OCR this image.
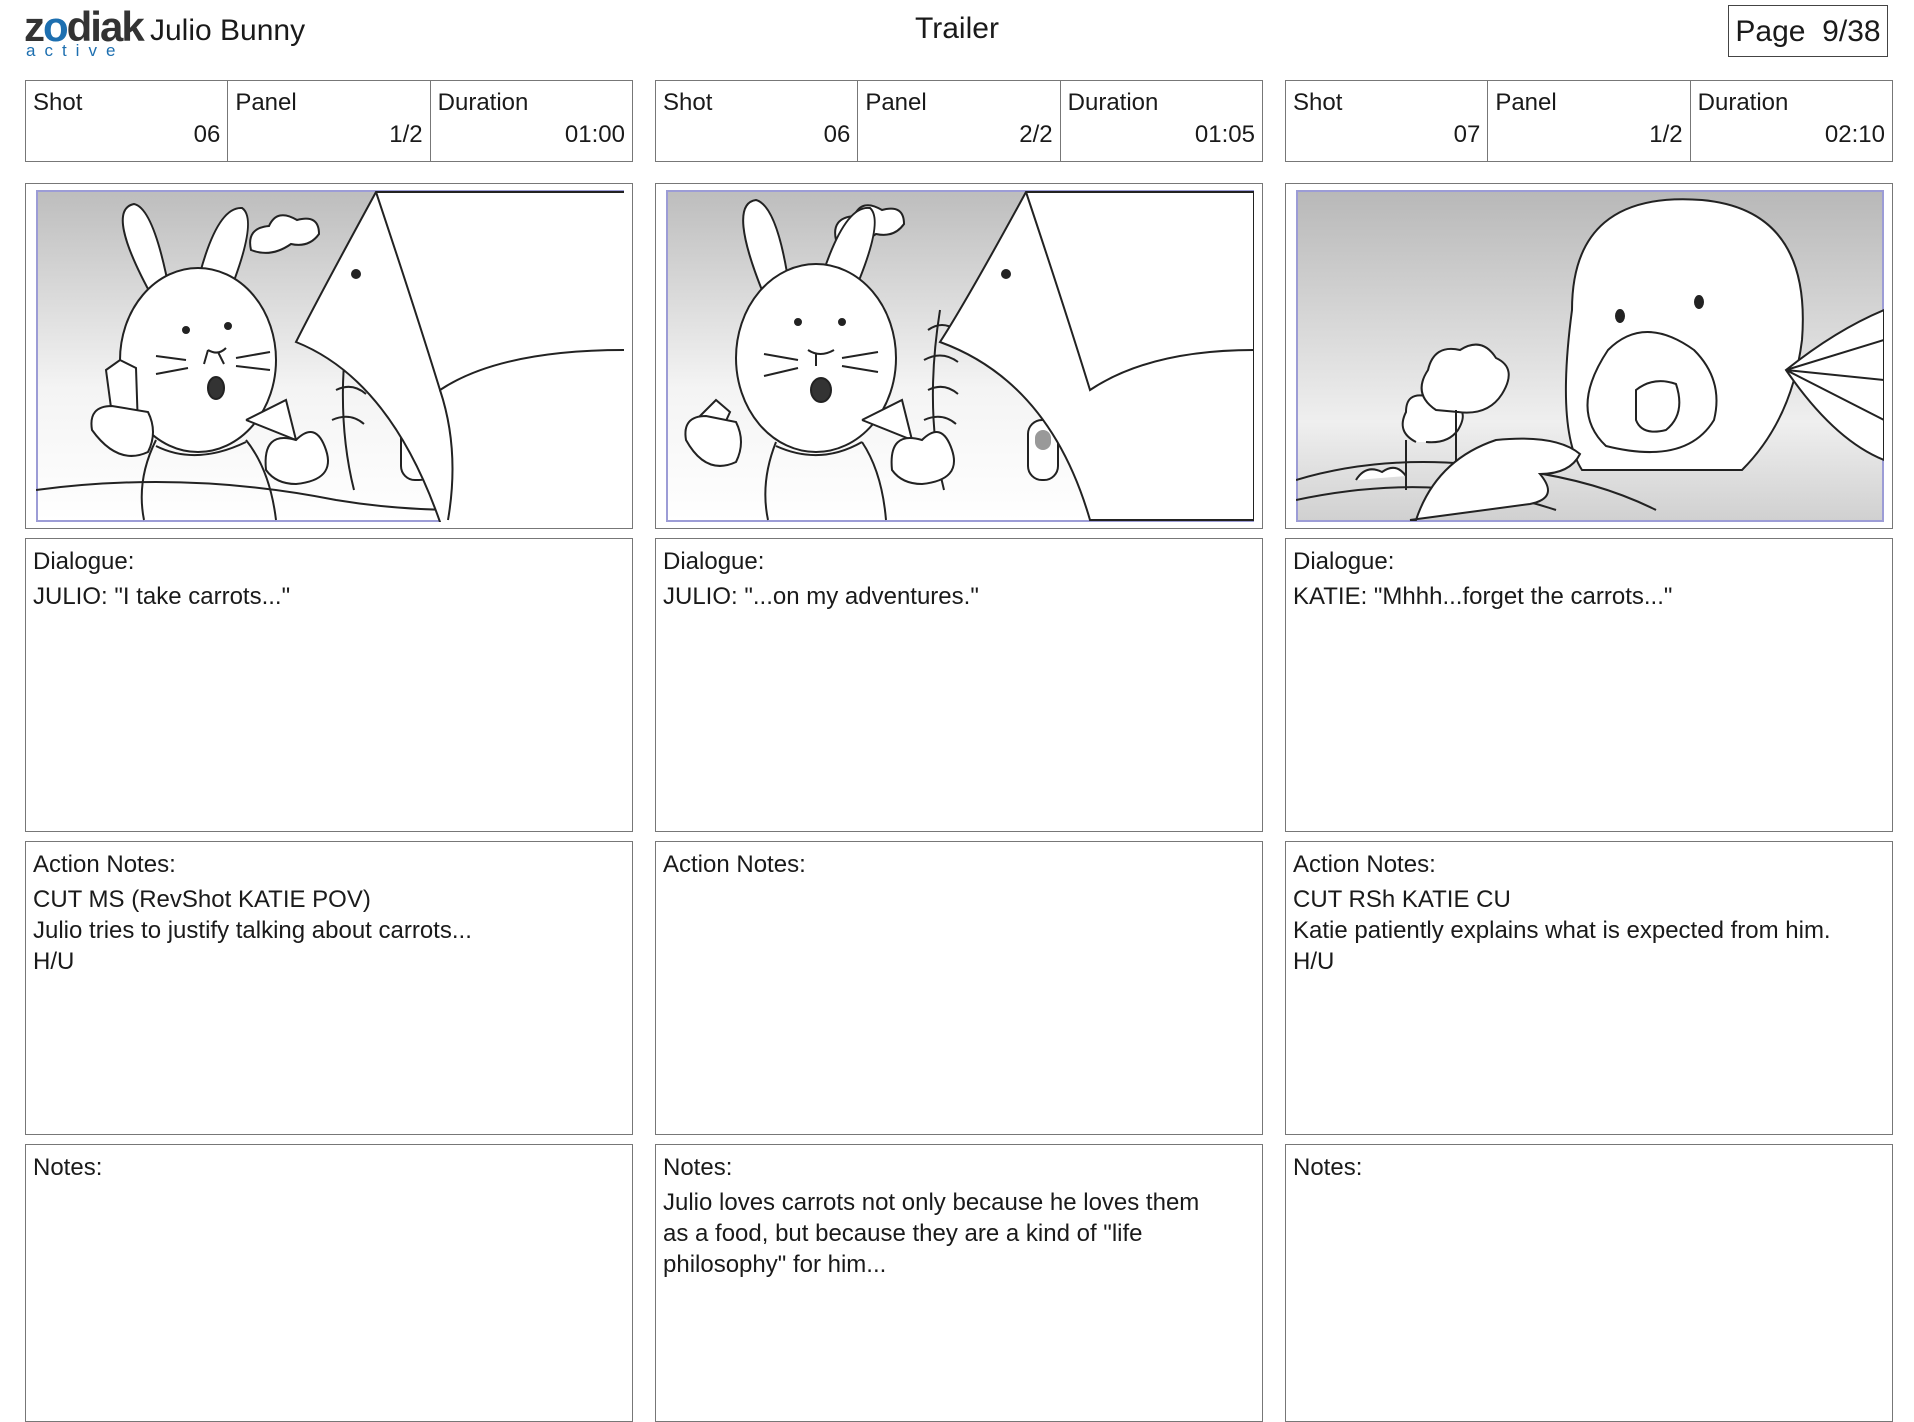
zodiak
active
Julio Bunny	Trailer	Page 9/38
Shot
06
Panel
1/2
Duration
01:00
Dialogue:
JULIO: "I take carrots..."
Action Notes:
CUT MS (RevShot KATIE POV)
Julio tries to justify talking about carrots...
H/U
Notes:
Shot
06
Panel
2/2
Duration
01:05
Dialogue:
JULIO: "...on my adventures."
Action Notes:
Notes:
Julio loves carrots not only because he loves them
as a food, but because they are a kind of "life
philosophy" for him...
Shot
07
Panel
1/2
Duration
02:10
Dialogue:
KATIE: "Mhhh...forget the carrots..."
Action Notes:
CUT RSh KATIE CU
Katie patiently explains what is expected from him.
H/U
Notes:
